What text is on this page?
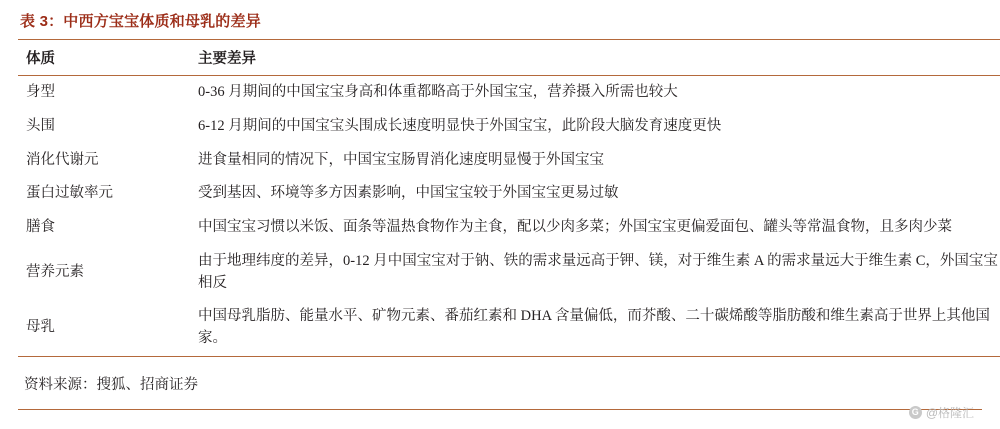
表 3：中西方宝宝体质和母乳的差异
体质	主要差异
身型	0-36 月期间的中国宝宝身高和体重都略高于外国宝宝，营养摄入所需也较大
头围	6-12 月期间的中国宝宝头围成长速度明显快于外国宝宝，此阶段大脑发育速度更快
消化代谢元	进食量相同的情况下，中国宝宝肠胃消化速度明显慢于外国宝宝
蛋白过敏率元	受到基因、环境等多方因素影响，中国宝宝较于外国宝宝更易过敏
膳食	中国宝宝习惯以米饭、面条等温热食物作为主食，配以少肉多菜；外国宝宝更偏爱面包、罐头等常温食物，且多肉少菜
营养元素	由于地理纬度的差异，0-12 月中国宝宝对于钠、铁的需求量远高于钾、镁，对于维生素 A 的需求量远大于维生素 C，外国宝宝相反
母乳	中国母乳脂肪、能量水平、矿物元素、番茄红素和 DHA 含量偏低，而芥酸、二十碳烯酸等脂肪酸和维生素高于世界上其他国家。

资料来源：搜狐、招商证券	
G @格隆汇
